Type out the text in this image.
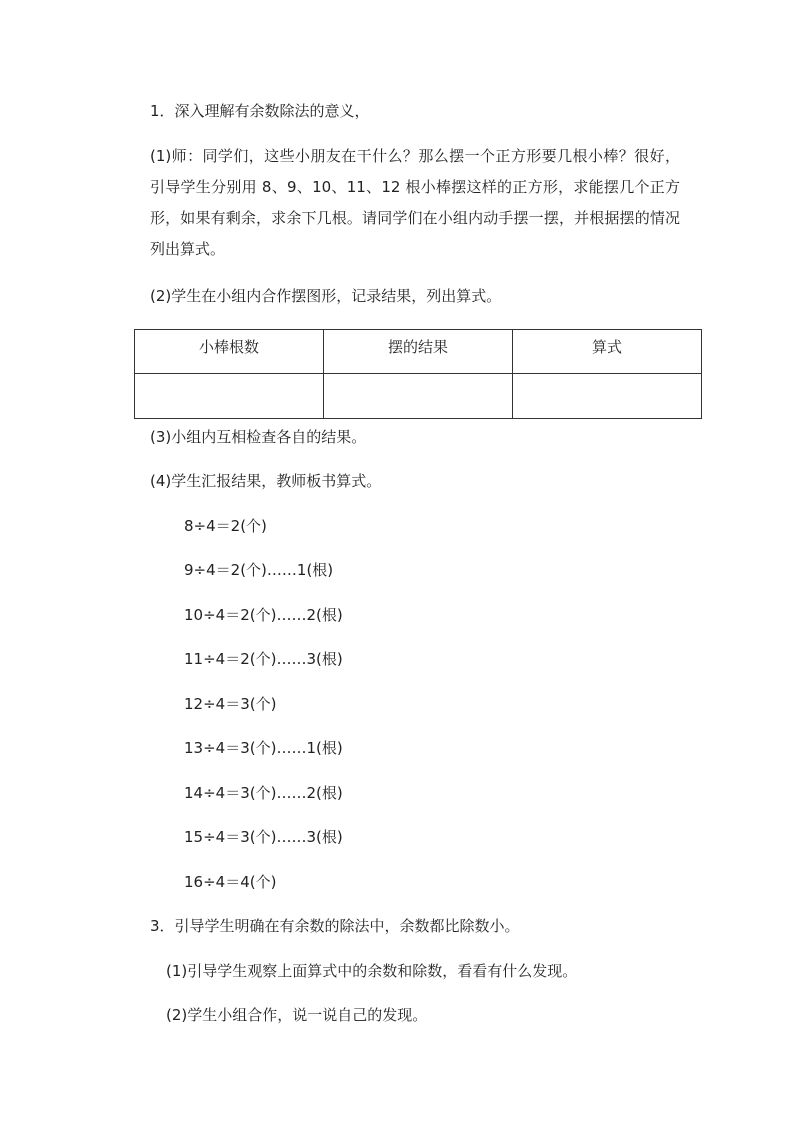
1．深入理解有余数除法的意义，
(1)师：同学们，这些小朋友在干什么？那么摆一个正方形要几根小棒？很好，引导学生分别用 8、9、10、11、12 根小棒摆这样的正方形，求能摆几个正方形，如果有剩余，求余下几根。请同学们在小组内动手摆一摆，并根据摆的情况列出算式。
(2)学生在小组内合作摆图形，记录结果，列出算式。
小棒根数	摆的结果	算式

(3)小组内互相检查各自的结果。
(4)学生汇报结果，教师板书算式。
8÷4＝2(个)
9÷4＝2(个)……1(根)
10÷4＝2(个)……2(根)
11÷4＝2(个)……3(根)
12÷4＝3(个)
13÷4＝3(个)……1(根)
14÷4＝3(个)……2(根)
15÷4＝3(个)……3(根)
16÷4＝4(个)
3．引导学生明确在有余数的除法中，余数都比除数小。
(1)引导学生观察上面算式中的余数和除数，看看有什么发现。
(2)学生小组合作，说一说自己的发现。
